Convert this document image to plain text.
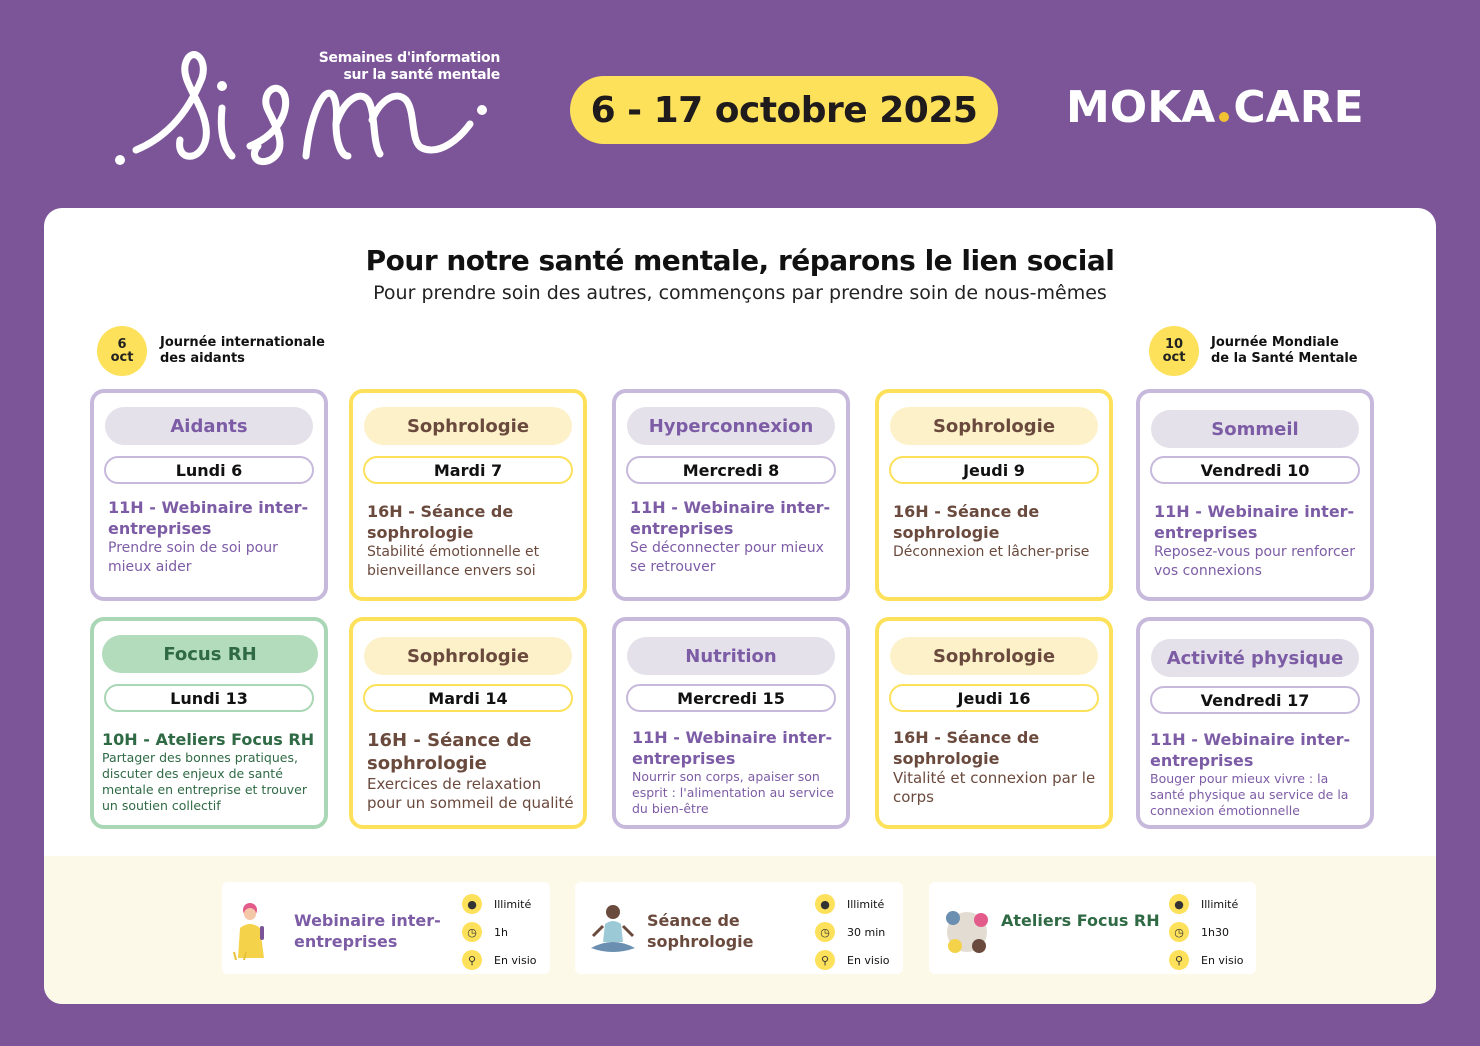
Semaines d'information
sur la santé mentale
6 - 17 octobre 2025	MOKA CARE
Pour notre santé mentale, réparons le lien social
Pour prendre soin des autres, commençons par prendre soin de nous-mêmes
6
oct
Journée internationale
des aidants
10
oct
Journée Mondiale
de la Santé Mentale
Aidants
Lundi 6
11H - Webinaire inter-entreprises
Prendre soin de soi pour mieux aider
Sophrologie
Mardi 7
16H - Séance de sophrologie
Stabilité émotionnelle et bienveillance envers soi
Hyperconnexion
Mercredi 8
11H - Webinaire inter-entreprises
Se déconnecter pour mieux se retrouver
Sophrologie
Jeudi 9
16H - Séance de sophrologie
Déconnexion et lâcher-prise
Sommeil
Vendredi 10
11H - Webinaire inter-entreprises
Reposez-vous pour renforcer vos connexions
Focus RH
Lundi 13
10H - Ateliers Focus RH
Partager des bonnes pratiques, discuter des enjeux de santé mentale en entreprise et trouver un soutien collectif
Sophrologie
Mardi 14
16H - Séance de sophrologie
Exercices de relaxation pour un sommeil de qualité
Nutrition
Mercredi 15
11H - Webinaire inter-entreprises
Nourrir son corps, apaiser son esprit : l'alimentation au service du bien-être
Sophrologie
Jeudi 16
16H - Séance de sophrologie
Vitalité et connexion par le corps
Activité physique
Vendredi 17
11H - Webinaire inter-entreprises
Bouger pour mieux vivre : la santé physique au service de la connexion émotionnelle
Webinaire inter-entreprises
●	Illimité
◷	1h
⚲	En visio
Séance de sophrologie
●	Illimité
◷	30 min
⚲	En visio
Ateliers Focus RH
●	Illimité
◷	1h30
⚲	En visio
